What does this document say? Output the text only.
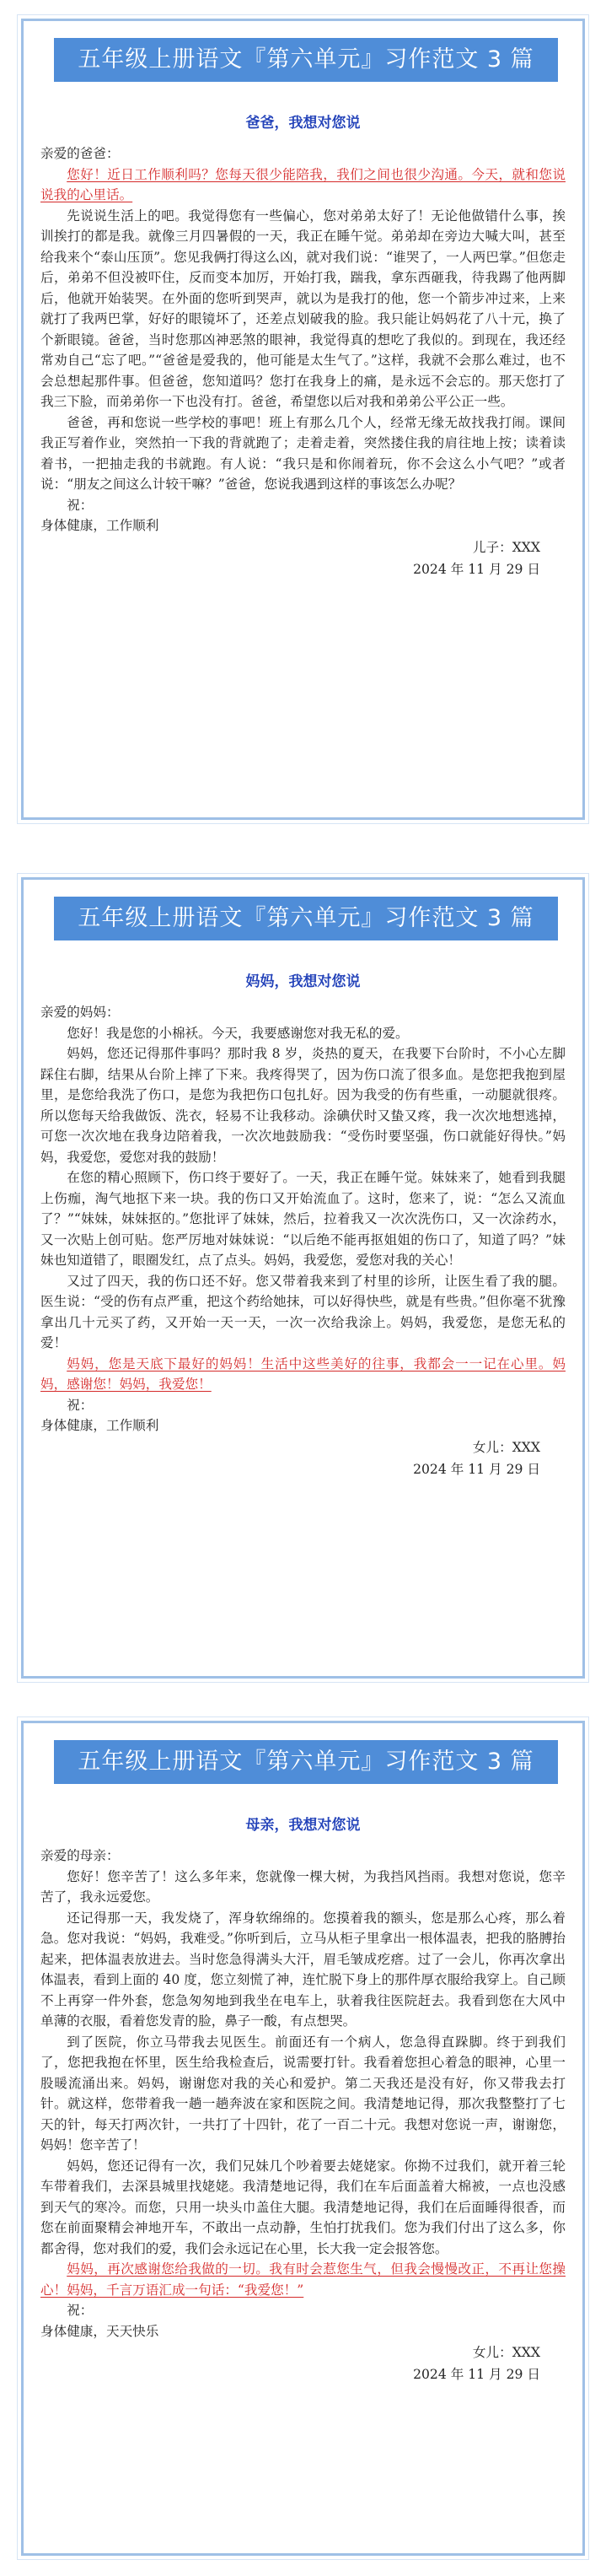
五年级上册语文『第六单元』习作范文 3 篇
爸爸，我想对您说

亲爱的爸爸：

您好！近日工作顺利吗？您每天很少能陪我，我们之间也很少沟通。今天，就和您说说我的心里话。

先说说生活上的吧。我觉得您有一些偏心，您对弟弟太好了！无论他做错什么事，挨训挨打的都是我。就像三月四暑假的一天，我正在睡午觉。弟弟却在旁边大喊大叫，甚至给我来个“泰山压顶”。您见我俩打得这么凶，就对我们说：“谁哭了，一人两巴掌。”但您走后，弟弟不但没被吓住，反而变本加厉，开始打我，踹我，拿东西砸我，待我踢了他两脚后，他就开始装哭。在外面的您听到哭声，就以为是我打的他，您一个箭步冲过来，上来就打了我两巴掌，好好的眼镜坏了，还差点划破我的脸。我只能让妈妈花了八十元，换了个新眼镜。爸爸，当时您那凶神恶煞的眼神，我觉得真的想吃了我似的。到现在，我还经常劝自己“忘了吧。”“爸爸是爱我的，他可能是太生气了。”这样，我就不会那么难过，也不会总想起那件事。但爸爸，您知道吗？您打在我身上的痛，是永远不会忘的。那天您打了我三下脸，而弟弟你一下也没有打。爸爸，希望您以后对我和弟弟公平公正一些。

爸爸，再和您说一些学校的事吧！班上有那么几个人，经常无缘无故找我打闹。课间我正写着作业，突然拍一下我的背就跑了；走着走着，突然搂住我的肩往地上按；读着读着书，一把抽走我的书就跑。有人说：“我只是和你闹着玩，你不会这么小气吧？”或者说：“朋友之间这么计较干嘛？”爸爸，您说我遇到这样的事该怎么办呢？

祝：

身体健康，工作顺利

儿子：XXX
2024 年 11 月 29 日
五年级上册语文『第六单元』习作范文 3 篇
妈妈，我想对您说

亲爱的妈妈：

您好！我是您的小棉袄。今天，我要感谢您对我无私的爱。

妈妈，您还记得那件事吗？那时我 8 岁，炎热的夏天，在我要下台阶时，不小心左脚踩住右脚，结果从台阶上摔了下来。我疼得哭了，因为伤口流了很多血。是您把我抱到屋里，是您给我洗了伤口，是您为我把伤口包扎好。因为我受的伤有些重，一动腿就很疼。所以您每天给我做饭、洗衣，轻易不让我移动。涂碘伏时又蛰又疼，我一次次地想逃掉，可您一次次地在我身边陪着我，一次次地鼓励我：“受伤时要坚强，伤口就能好得快。”妈妈，我爱您，爱您对我的鼓励！

在您的精心照顾下，伤口终于要好了。一天，我正在睡午觉。妹妹来了，她看到我腿上伤痂，淘气地抠下来一块。我的伤口又开始流血了。这时，您来了，说：“怎么又流血了？”“妹妹，妹妹抠的。”您批评了妹妹，然后，拉着我又一次次洗伤口，又一次涂药水，又一次贴上创可贴。您严厉地对妹妹说：“以后绝不能再抠姐姐的伤口了，知道了吗？”妹妹也知道错了，眼圈发红，点了点头。妈妈，我爱您，爱您对我的关心！

又过了四天，我的伤口还不好。您又带着我来到了村里的诊所，让医生看了我的腿。医生说：“受的伤有点严重，把这个药给她抹，可以好得快些，就是有些贵。”但你毫不犹豫拿出几十元买了药，又开始一天一天，一次一次给我涂上。妈妈，我爱您，是您无私的爱！

妈妈，您是天底下最好的妈妈！生活中这些美好的往事，我都会一一记在心里。妈妈，感谢您！妈妈，我爱您！

祝：

身体健康，工作顺利

女儿：XXX
2024 年 11 月 29 日
五年级上册语文『第六单元』习作范文 3 篇
母亲，我想对您说

亲爱的母亲：

您好！您辛苦了！这么多年来，您就像一棵大树，为我挡风挡雨。我想对您说，您辛苦了，我永远爱您。

还记得那一天，我发烧了，浑身软绵绵的。您摸着我的额头，您是那么心疼，那么着急。您对我说：“妈妈，我难受。”你听到后，立马从柜子里拿出一根体温表，把我的胳膊抬起来，把体温表放进去。当时您急得满头大汗，眉毛皱成疙瘩。过了一会儿，你再次拿出体温表，看到上面的 40 度，您立刻慌了神，连忙脱下身上的那件厚衣服给我穿上。自己顾不上再穿一件外套，您急匆匆地到我坐在电车上，驮着我往医院赶去。我看到您在大风中单薄的衣服，看着您发青的脸，鼻子一酸，有点想哭。

到了医院，你立马带我去见医生。前面还有一个病人，您急得直跺脚。终于到我们了，您把我抱在怀里，医生给我检查后，说需要打针。我看着您担心着急的眼神，心里一股暖流涌出来。妈妈，谢谢您对我的关心和爱护。第二天我还是没有好，你又带我去打针。就这样，您带着我一趟一趟奔波在家和医院之间。我清楚地记得，那次我整整打了七天的针，每天打两次针，一共打了十四针，花了一百二十元。我想对您说一声，谢谢您，妈妈！您辛苦了！

妈妈，您还记得有一次，我们兄妹几个吵着要去姥姥家。你拗不过我们，就开着三轮车带着我们，去深县城里找姥姥。我清楚地记得，我们在车后面盖着大棉被，一点也没感到天气的寒冷。而您，只用一块头巾盖住大腿。我清楚地记得，我们在后面睡得很香，而您在前面聚精会神地开车，不敢出一点动静，生怕打扰我们。您为我们付出了这么多，你都舍得，您对我们的爱，我们会永远记在心里，长大我一定会报答您。

妈妈，再次感谢您给我做的一切。我有时会惹您生气，但我会慢慢改正，不再让您操心！妈妈，千言万语汇成一句话：“我爱您！”

祝：

身体健康，天天快乐

女儿：XXX
2024 年 11 月 29 日
